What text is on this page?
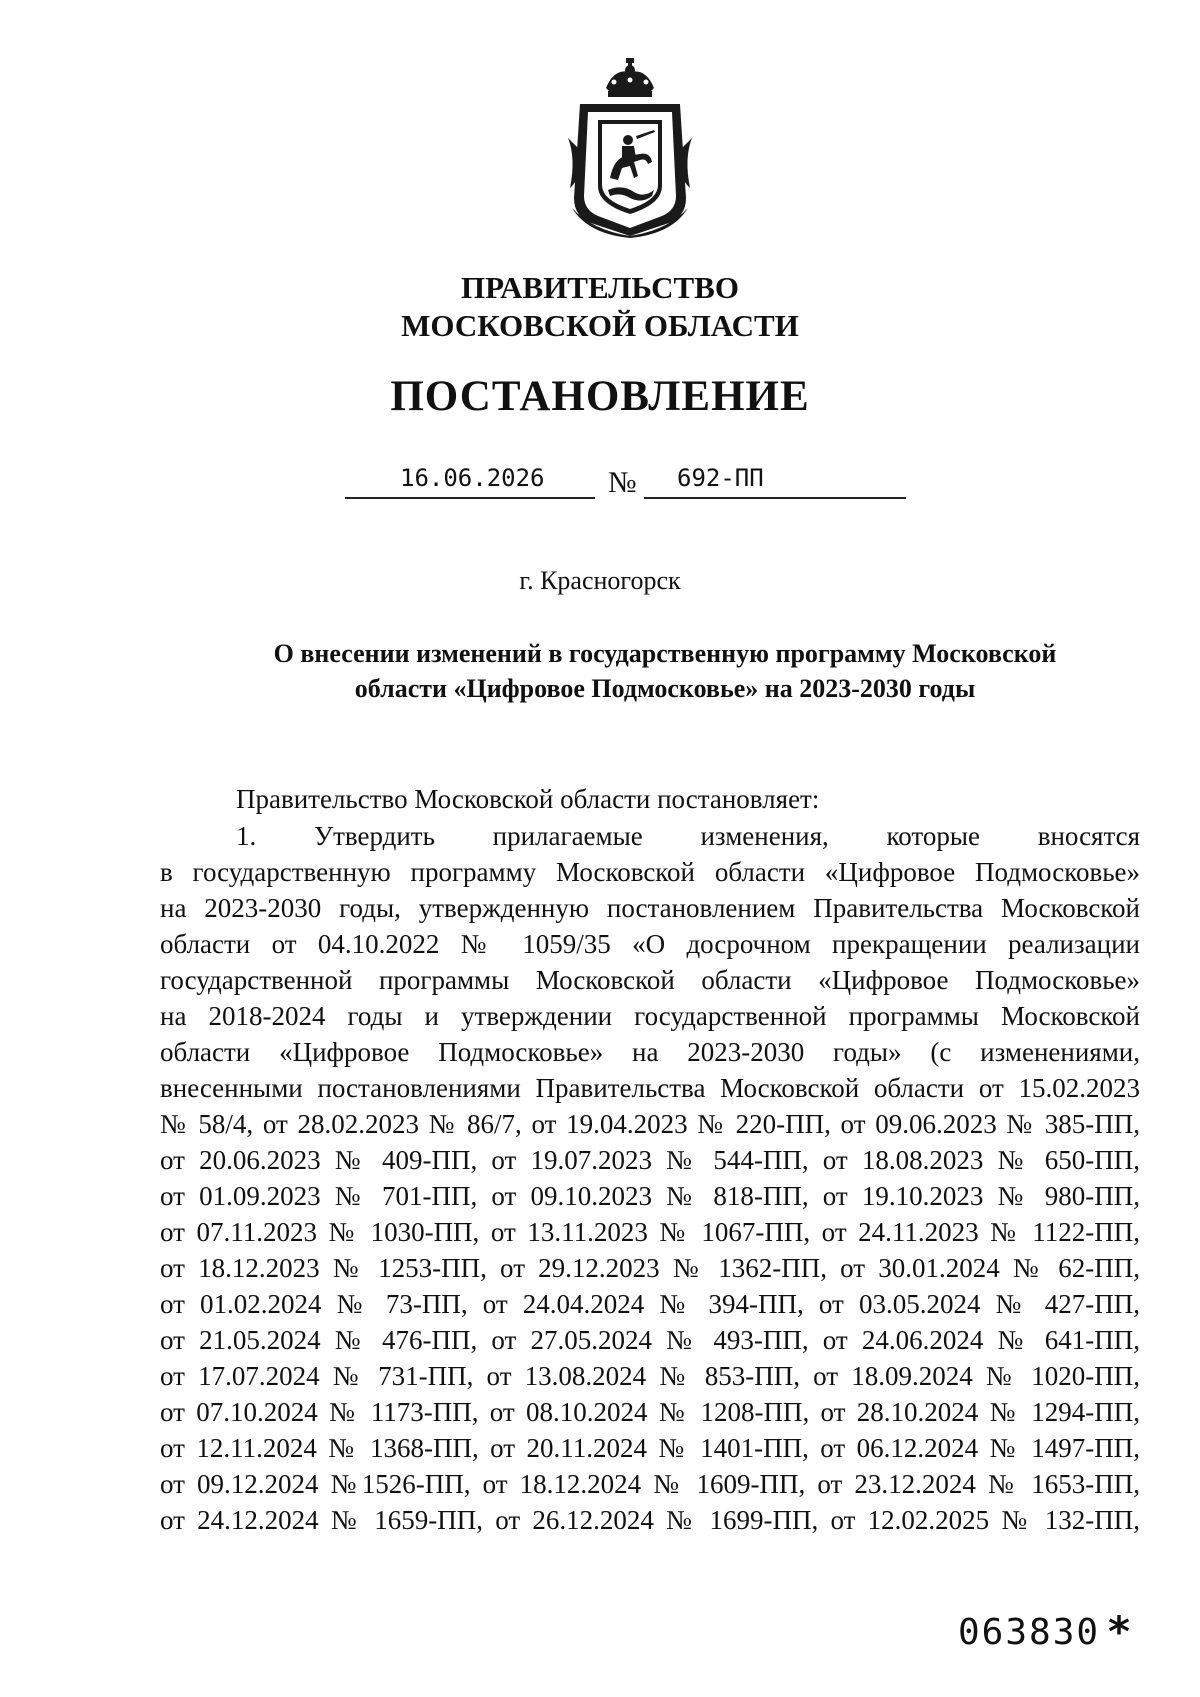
ПРАВИТЕЛЬСТВО
МОСКОВСКОЙ ОБЛАСТИ
ПОСТАНОВЛЕНИЕ
16.06.2026 № 692-ПП
г. Красногорск
О внесении изменений в государственную программу Московской
области «Цифровое Подмосковье» на 2023-2030 годы
Правительство Московской области постановляет:
1. Утвердить прилагаемые изменения, которые вносятся
в государственную программу Московской области «Цифровое Подмосковье»
на 2023-2030 годы, утвержденную постановлением Правительства Московской
области от 04.10.2022 № 1059/35 «О досрочном прекращении реализации
государственной программы Московской области «Цифровое Подмосковье»
на 2018-2024 годы и утверждении государственной программы Московской
области «Цифровое Подмосковье» на 2023-2030 годы» (с изменениями,
внесенными постановлениями Правительства Московской области от 15.02.2023
№ 58/4, от 28.02.2023 № 86/7, от 19.04.2023 № 220-ПП, от 09.06.2023 № 385-ПП,
от 20.06.2023 № 409-ПП, от 19.07.2023 № 544-ПП, от 18.08.2023 № 650-ПП,
от 01.09.2023 № 701-ПП, от 09.10.2023 № 818-ПП, от 19.10.2023 № 980-ПП,
от 07.11.2023 № 1030-ПП, от 13.11.2023 № 1067-ПП, от 24.11.2023 № 1122-ПП,
от 18.12.2023 № 1253-ПП, от 29.12.2023 № 1362-ПП, от 30.01.2024 № 62-ПП,
от 01.02.2024 № 73-ПП, от 24.04.2024 № 394-ПП, от 03.05.2024 № 427-ПП,
от 21.05.2024 № 476-ПП, от 27.05.2024 № 493-ПП, от 24.06.2024 № 641-ПП,
от 17.07.2024 № 731-ПП, от 13.08.2024 № 853-ПП, от 18.09.2024 № 1020-ПП,
от 07.10.2024 № 1173-ПП, от 08.10.2024 № 1208-ПП, от 28.10.2024 № 1294-ПП,
от 12.11.2024 № 1368-ПП, от 20.11.2024 № 1401-ПП, от 06.12.2024 № 1497-ПП,
от 09.12.2024 №1526-ПП, от 18.12.2024 № 1609-ПП, от 23.12.2024 № 1653-ПП,
от 24.12.2024 № 1659-ПП, от 26.12.2024 № 1699-ПП, от 12.02.2025 № 132-ПП,
063830 *
